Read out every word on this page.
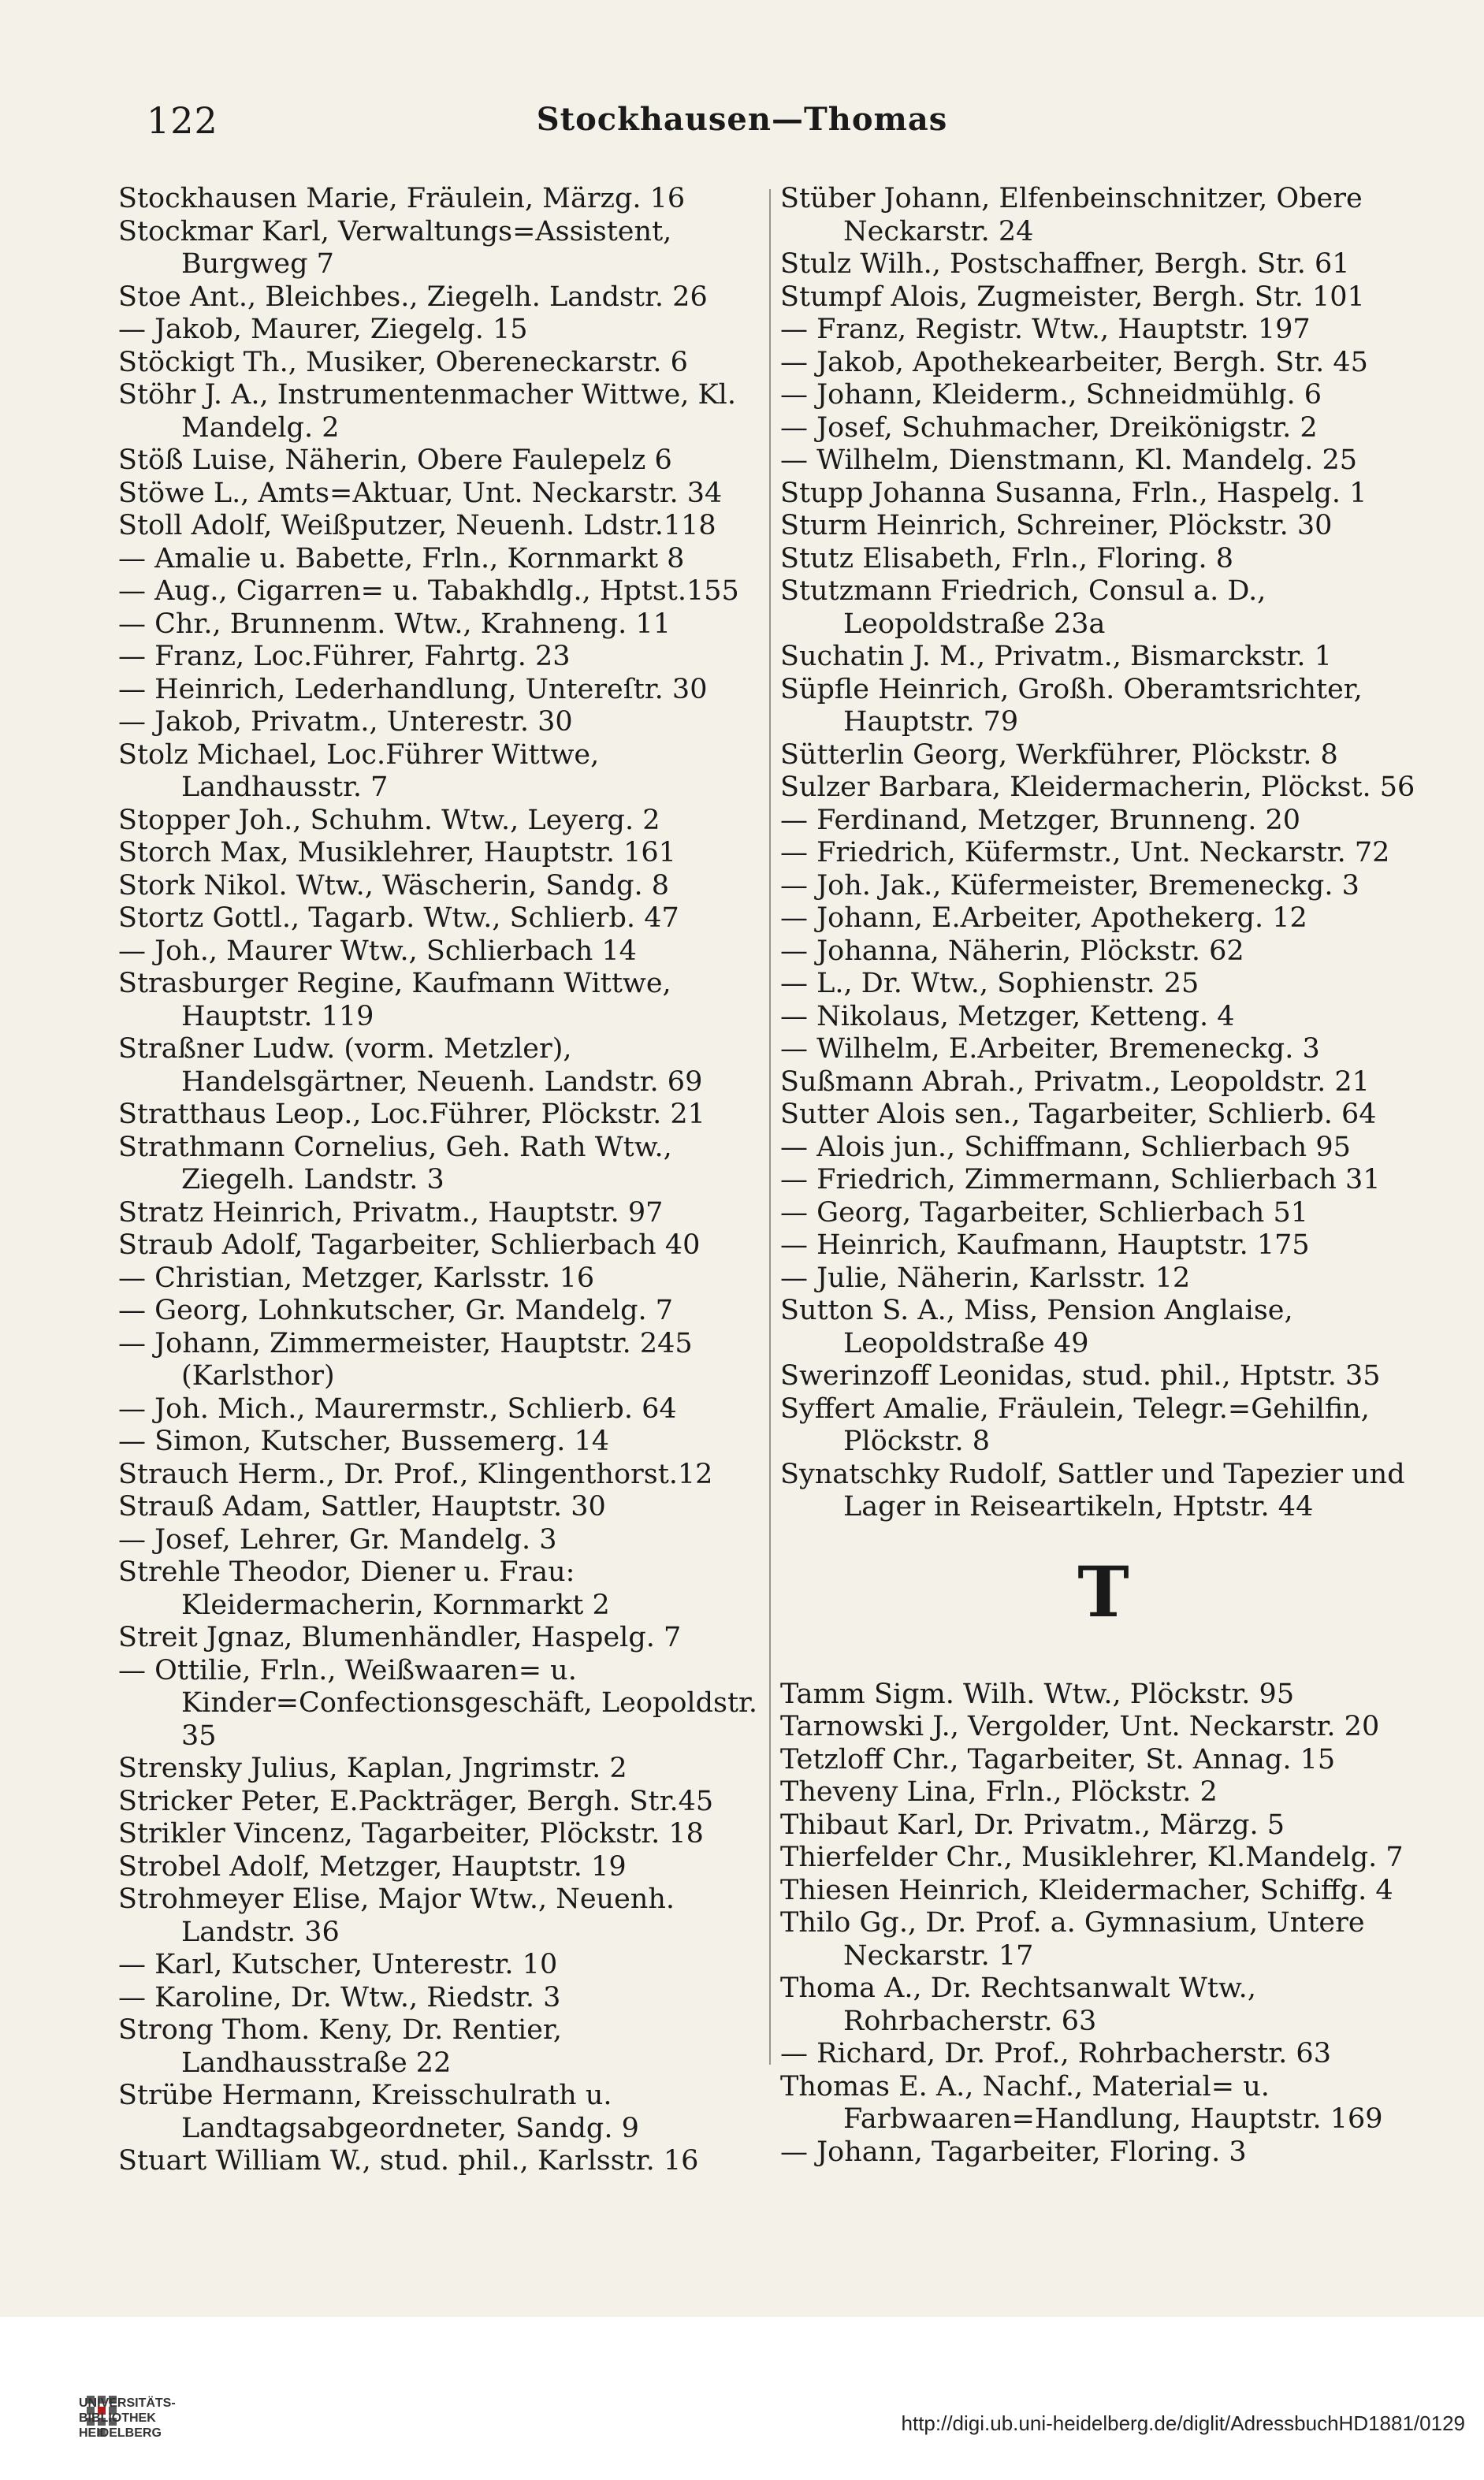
122	Stockhausen—Thomas

Stockhausen Marie, Fräulein, Märzg. 16

Stockmar Karl, Verwaltungs=Assistent, Burgweg 7

Stoe Ant., Bleichbes., Ziegelh. Landstr. 26

— Jakob, Maurer, Ziegelg. 15

Stöckigt Th., Musiker, Obereneckarstr. 6

Stöhr J. A., Instrumentenmacher Wittwe, Kl. Mandelg. 2

Stöß Luise, Näherin, Obere Faulepelz 6

Stöwe L., Amts=Aktuar, Unt. Neckarstr. 34

Stoll Adolf, Weißputzer, Neuenh. Ldstr.118

— Amalie u. Babette, Frln., Kornmarkt 8

— Aug., Cigarren= u. Tabakhdlg., Hptst.155

— Chr., Brunnenm. Wtw., Krahneng. 11

— Franz, Loc.Führer, Fahrtg. 23

— Heinrich, Lederhandlung, Untereſtr. 30

— Jakob, Privatm., Unterestr. 30

Stolz Michael, Loc.Führer Wittwe, Landhausstr. 7

Stopper Joh., Schuhm. Wtw., Leyerg. 2

Storch Max, Musiklehrer, Hauptstr. 161

Stork Nikol. Wtw., Wäscherin, Sandg. 8

Stortz Gottl., Tagarb. Wtw., Schlierb. 47

— Joh., Maurer Wtw., Schlierbach 14

Strasburger Regine, Kaufmann Wittwe, Hauptstr. 119

Straßner Ludw. (vorm. Metzler), Handelsgärtner, Neuenh. Landstr. 69

Stratthaus Leop., Loc.Führer, Plöckstr. 21

Strathmann Cornelius, Geh. Rath Wtw., Ziegelh. Landstr. 3

Stratz Heinrich, Privatm., Hauptstr. 97

Straub Adolf, Tagarbeiter, Schlierbach 40

— Christian, Metzger, Karlsstr. 16

— Georg, Lohnkutscher, Gr. Mandelg. 7

— Johann, Zimmermeister, Hauptstr. 245 (Karlsthor)

— Joh. Mich., Maurermstr., Schlierb. 64

— Simon, Kutscher, Bussemerg. 14

Strauch Herm., Dr. Prof., Klingenthorst.12

Strauß Adam, Sattler, Hauptstr. 30

— Josef, Lehrer, Gr. Mandelg. 3

Strehle Theodor, Diener u. Frau: Kleidermacherin, Kornmarkt 2

Streit Jgnaz, Blumenhändler, Haspelg. 7

— Ottilie, Frln., Weißwaaren= u. Kinder=Confectionsgeschäft, Leopoldstr. 35

Strensky Julius, Kaplan, Jngrimstr. 2

Stricker Peter, E.Packträger, Bergh. Str.45

Strikler Vincenz, Tagarbeiter, Plöckstr. 18

Strobel Adolf, Metzger, Hauptstr. 19

Strohmeyer Elise, Major Wtw., Neuenh. Landstr. 36

— Karl, Kutscher, Unterestr. 10

— Karoline, Dr. Wtw., Riedstr. 3

Strong Thom. Keny, Dr. Rentier, Landhausstraße 22

Strübe Hermann, Kreisschulrath u. Landtagsabgeordneter, Sandg. 9

Stuart William W., stud. phil., Karlsstr. 16

Stüber Johann, Elfenbeinschnitzer, Obere Neckarstr. 24

Stulz Wilh., Postschaffner, Bergh. Str. 61

Stumpf Alois, Zugmeister, Bergh. Str. 101

— Franz, Registr. Wtw., Hauptstr. 197

— Jakob, Apothekearbeiter, Bergh. Str. 45

— Johann, Kleiderm., Schneidmühlg. 6

— Josef, Schuhmacher, Dreikönigstr. 2

— Wilhelm, Dienstmann, Kl. Mandelg. 25

Stupp Johanna Susanna, Frln., Haspelg. 1

Sturm Heinrich, Schreiner, Plöckstr. 30

Stutz Elisabeth, Frln., Floring. 8

Stutzmann Friedrich, Consul a. D., Leopoldstraße 23a

Suchatin J. M., Privatm., Bismarckstr. 1

Süpfle Heinrich, Großh. Oberamtsrichter, Hauptstr. 79

Sütterlin Georg, Werkführer, Plöckstr. 8

Sulzer Barbara, Kleidermacherin, Plöckst. 56

— Ferdinand, Metzger, Brunneng. 20

— Friedrich, Küfermstr., Unt. Neckarstr. 72

— Joh. Jak., Küfermeister, Bremeneckg. 3

— Johann, E.Arbeiter, Apothekerg. 12

— Johanna, Näherin, Plöckstr. 62

— L., Dr. Wtw., Sophienstr. 25

— Nikolaus, Metzger, Ketteng. 4

— Wilhelm, E.Arbeiter, Bremeneckg. 3

Sußmann Abrah., Privatm., Leopoldstr. 21

Sutter Alois sen., Tagarbeiter, Schlierb. 64

— Alois jun., Schiffmann, Schlierbach 95

— Friedrich, Zimmermann, Schlierbach 31

— Georg, Tagarbeiter, Schlierbach 51

— Heinrich, Kaufmann, Hauptstr. 175

— Julie, Näherin, Karlsstr. 12

Sutton S. A., Miss, Pension Anglaise, Leopoldstraße 49

Swerinzoff Leonidas, stud. phil., Hptstr. 35

Syffert Amalie, Fräulein, Telegr.=Gehilfin, Plöckstr. 8

Synatschky Rudolf, Sattler und Tapezier und Lager in Reiseartikeln, Hptstr. 44

T

Tamm Sigm. Wilh. Wtw., Plöckstr. 95

Tarnowski J., Vergolder, Unt. Neckarstr. 20

Tetzloff Chr., Tagarbeiter, St. Annag. 15

Theveny Lina, Frln., Plöckstr. 2

Thibaut Karl, Dr. Privatm., Märzg. 5

Thierfelder Chr., Musiklehrer, Kl.Mandelg. 7

Thiesen Heinrich, Kleidermacher, Schiffg. 4

Thilo Gg., Dr. Prof. a. Gymnasium, Untere Neckarstr. 17

Thoma A., Dr. Rechtsanwalt Wtw., Rohrbacherstr. 63

— Richard, Dr. Prof., Rohrbacherstr. 63

Thomas E. A., Nachf., Material= u. Farbwaaren=Handlung, Hauptstr. 169

— Johann, Tagarbeiter, Floring. 3

UNIVERSITÄTS-
BIBLIOTHEK
HEIDELBERG	http://digi.ub.uni-heidelberg.de/diglit/AdressbuchHD1881/0129
